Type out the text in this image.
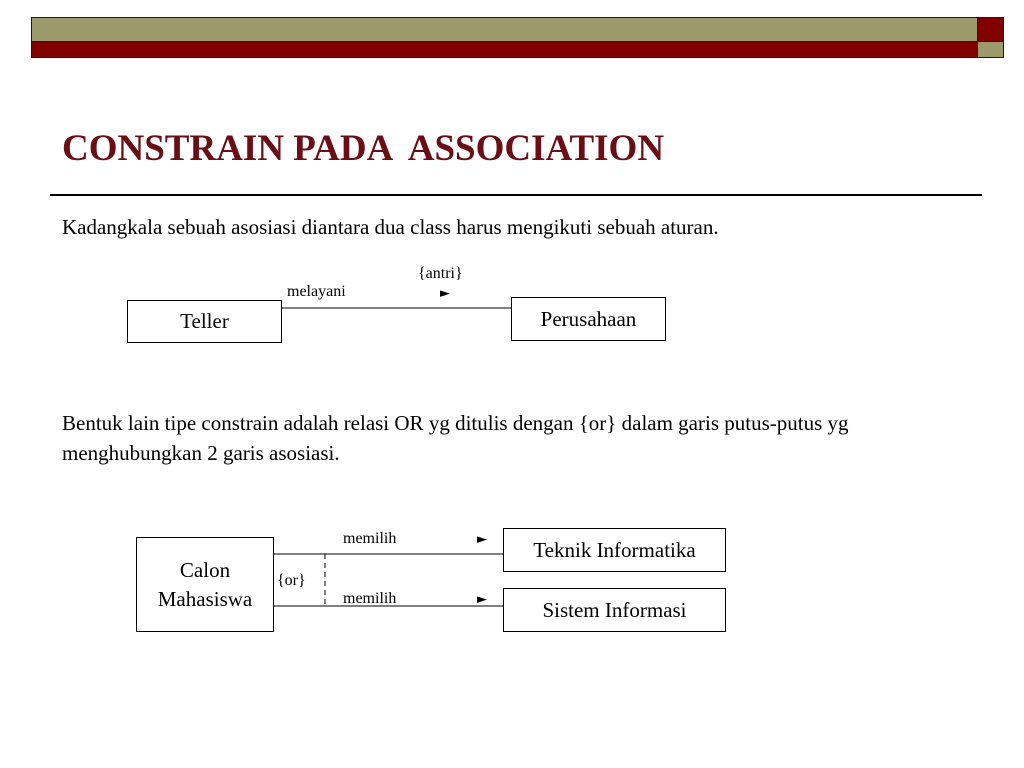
CONSTRAIN PADA  ASSOCIATION

Kadangkala sebuah asosiasi diantara dua class harus mengikuti sebuah aturan.

Teller	Perusahaan
melayani
{antri}
►

Bentuk lain tipe constrain adalah relasi OR yg ditulis dengan {or} dalam garis putus-putus yg menghubungkan 2 garis asosiasi.

Calon
Mahasiswa
Teknik Informatika
Sistem Informasi
memilih
memilih
{or}
►
►
